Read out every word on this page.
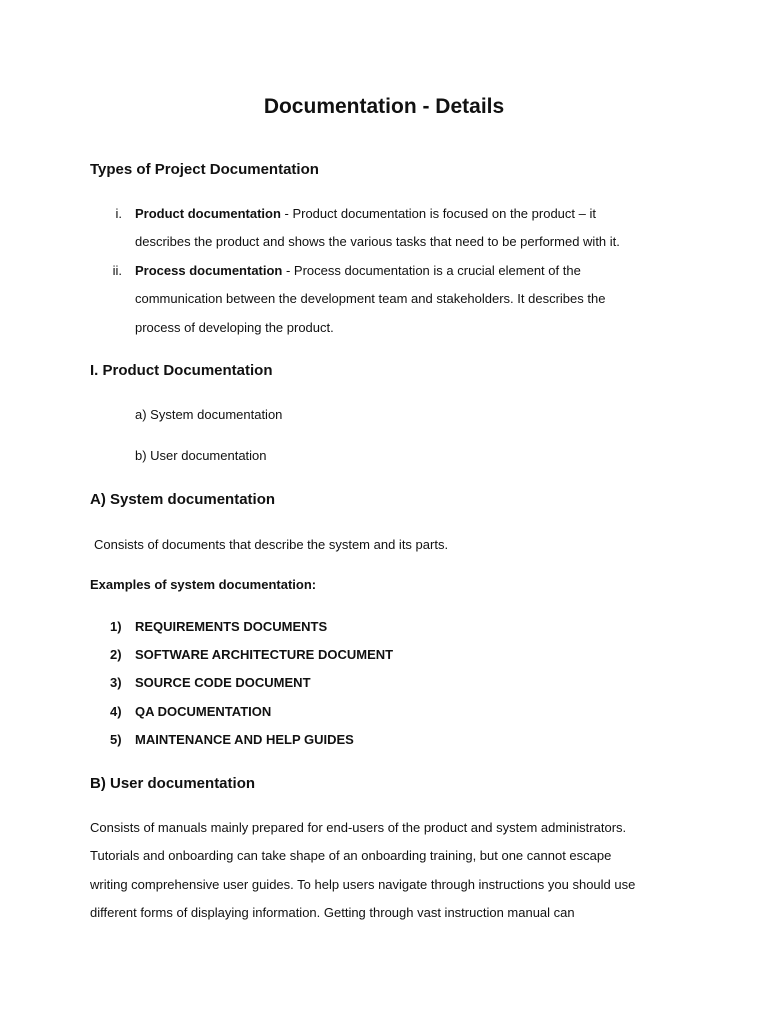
Documentation - Details
Types of Project Documentation
i. Product documentation - Product documentation is focused on the product – it

describes the product and shows the various tasks that need to be performed with it.

ii. Process documentation - Process documentation is a crucial element of the

communication between the development team and stakeholders. It describes the

process of developing the product.

I. Product Documentation

a) System documentation

b) User documentation

A) System documentation

Consists of documents that describe the system and its parts.

Examples of system documentation:

1) REQUIREMENTS DOCUMENTS
2) SOFTWARE ARCHITECTURE DOCUMENT
3) SOURCE CODE DOCUMENT
4) QA DOCUMENTATION
5) MAINTENANCE AND HELP GUIDES
B) User documentation

Consists of manuals mainly prepared for end-users of the product and system administrators.

Tutorials and onboarding can take shape of an onboarding training, but one cannot escape

writing comprehensive user guides. To help users navigate through instructions you should use

different forms of displaying information. Getting through vast instruction manual can
